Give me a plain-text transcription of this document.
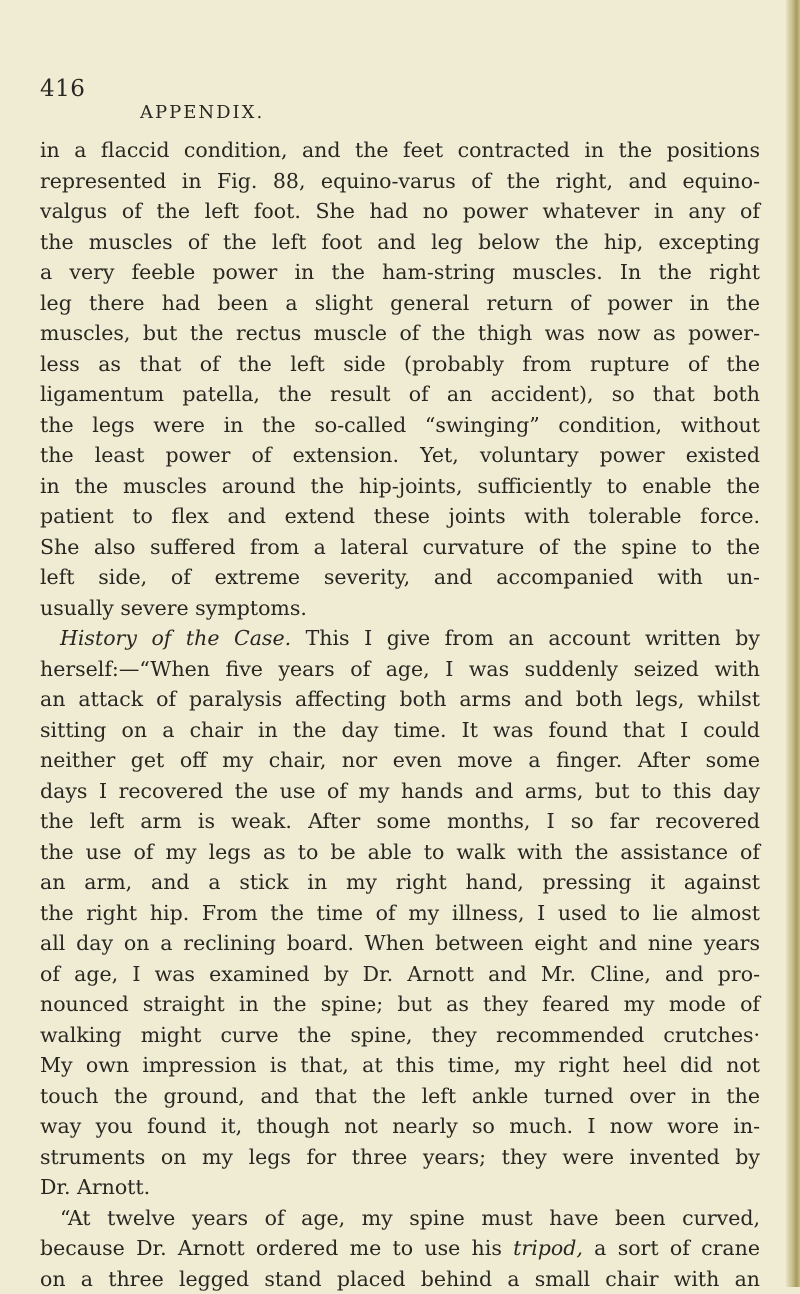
416
APPENDIX.
in a flaccid condition, and the feet contracted in the positions
represented in Fig. 88, equino-varus of the right, and equino-
valgus of the left foot. She had no power whatever in any of
the muscles of the left foot and leg below the hip, excepting
a very feeble power in the ham-string muscles. In the right
leg there had been a slight general return of power in the
muscles, but the rectus muscle of the thigh was now as power-
less as that of the left side (probably from rupture of the
ligamentum patella, the result of an accident), so that both
the legs were in the so-called “swinging” condition, without
the least power of extension. Yet, voluntary power existed
in the muscles around the hip-joints, sufficiently to enable the
patient to flex and extend these joints with tolerable force.
She also suffered from a lateral curvature of the spine to the
left side, of extreme severity, and accompanied with un-
usually severe symptoms.
History of the Case. This I give from an account written by
herself:—“When five years of age, I was suddenly seized with
an attack of paralysis affecting both arms and both legs, whilst
sitting on a chair in the day time. It was found that I could
neither get off my chair, nor even move a finger. After some
days I recovered the use of my hands and arms, but to this day
the left arm is weak. After some months, I so far recovered
the use of my legs as to be able to walk with the assistance of
an arm, and a stick in my right hand, pressing it against
the right hip. From the time of my illness, I used to lie almost
all day on a reclining board. When between eight and nine years
of age, I was examined by Dr. Arnott and Mr. Cline, and pro-
nounced straight in the spine; but as they feared my mode of
walking might curve the spine, they recommended crutches·
My own impression is that, at this time, my right heel did not
touch the ground, and that the left ankle turned over in the
way you found it, though not nearly so much. I now wore in-
struments on my legs for three years; they were invented by
Dr. Arnott.
“At twelve years of age, my spine must have been curved,
because Dr. Arnott ordered me to use his tripod, a sort of crane
on a three legged stand placed behind a small chair with an
